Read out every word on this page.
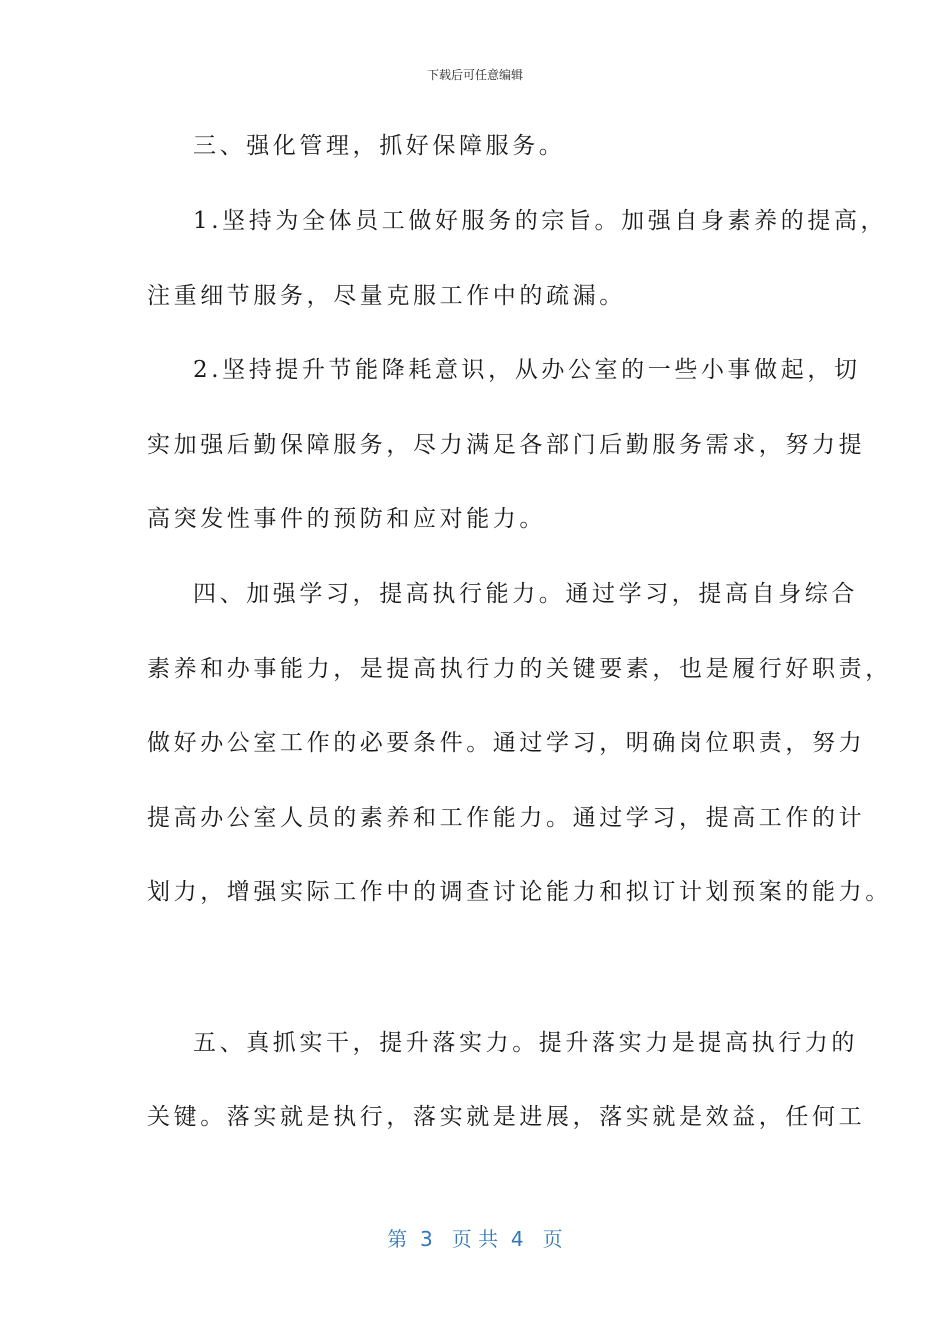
下载后可任意编辑
三、强化管理，抓好保障服务。
1.坚持为全体员工做好服务的宗旨。加强自身素养的提高，
注重细节服务，尽量克服工作中的疏漏。
2.坚持提升节能降耗意识，从办公室的一些小事做起，切
实加强后勤保障服务，尽力满足各部门后勤服务需求，努力提
高突发性事件的预防和应对能力。
四、加强学习，提高执行能力。通过学习，提高自身综合
素养和办事能力，是提高执行力的关键要素，也是履行好职责，
做好办公室工作的必要条件。通过学习，明确岗位职责，努力
提高办公室人员的素养和工作能力。通过学习，提高工作的计
划力，增强实际工作中的调查讨论能力和拟订计划预案的能力。
五、真抓实干，提升落实力。提升落实力是提高执行力的
关键。落实就是执行，落实就是进展，落实就是效益，任何工
第  3   页 共  4   页
